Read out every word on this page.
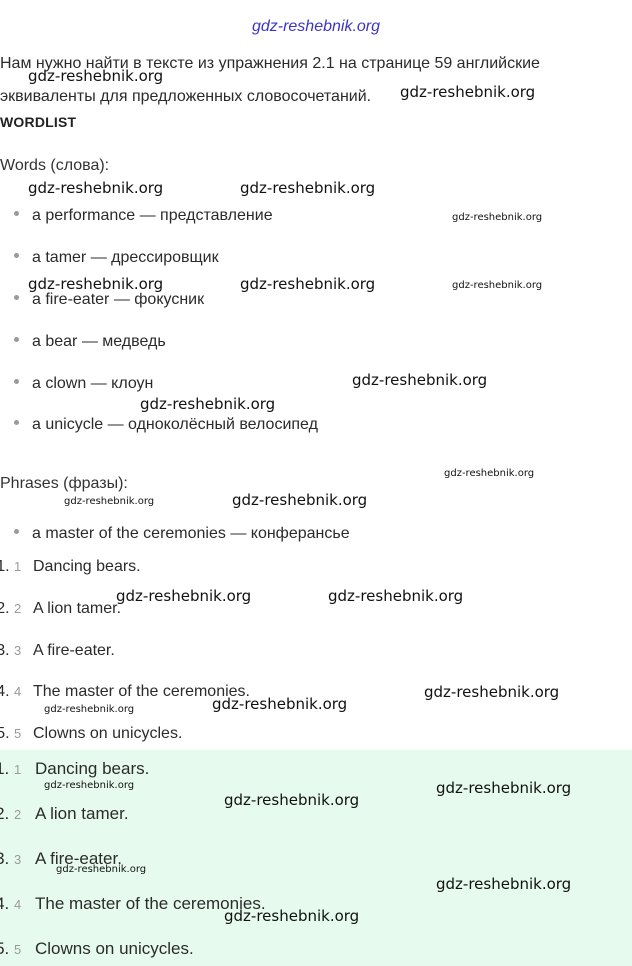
gdz-reshebnik.org
Нам нужно найти в тексте из упражнения 2.1 на странице 59 английские
эквиваленты для предложенных словосочетаний.
WORDLIST
Words (слова):
a performance — представление
a tamer — дрессировщик
a fire-eater — фокусник
a bear — медведь
a clown — клоун
a unicycle — одноколёсный велосипед
Phrases (фразы):
a master of the ceremonies — конферансье
1. 1 Dancing bears.
2. 2 A lion tamer.
3. 3 A fire-eater.
4. 4 The master of the ceremonies.
5. 5 Clowns on unicycles.
1. 1 Dancing bears.
2. 2 A lion tamer.
3. 3 A fire-eater.
4. 4 The master of the ceremonies.
5. 5 Clowns on unicycles.
gdz-reshebnik.org
gdz-reshebnik.org
gdz-reshebnik.org	gdz-reshebnik.org
gdz-reshebnik.org
gdz-reshebnik.org	gdz-reshebnik.org	gdz-reshebnik.org
gdz-reshebnik.org
gdz-reshebnik.org
gdz-reshebnik.org
gdz-reshebnik.org	gdz-reshebnik.org
gdz-reshebnik.org	gdz-reshebnik.org
gdz-reshebnik.org
gdz-reshebnik.org	gdz-reshebnik.org
gdz-reshebnik.org	gdz-reshebnik.org
gdz-reshebnik.org
gdz-reshebnik.org
gdz-reshebnik.org
gdz-reshebnik.org
